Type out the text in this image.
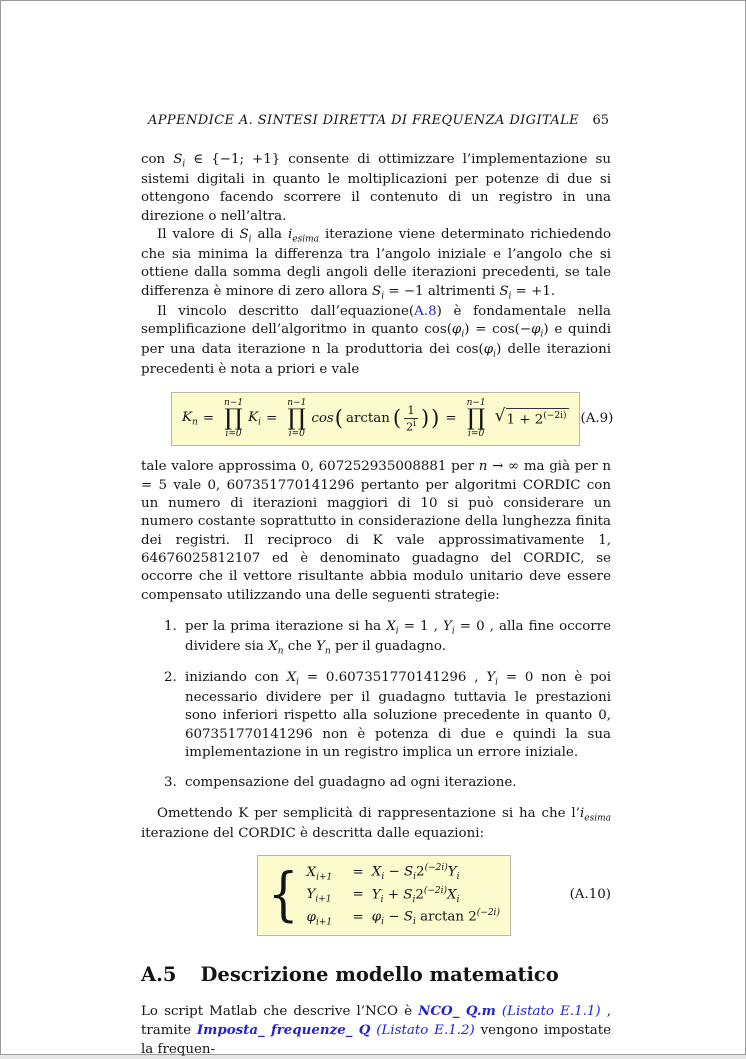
APPENDICE A. SINTESI DIRETTA DI FREQUENZA DIGITALE 65

con $S_i$ ∈ {−1; +1} consente di ottimizzare l’implementazione su sistemi digitali in quanto le moltiplicazioni per potenze di due si ottengono facendo scorrere il contenuto di un registro in una direzione o nell’altra.

Il valore di $S_i$ alla $i_{esima}$ iterazione viene determinato richiedendo che sia minima la differenza tra l’angolo iniziale e l’angolo che si ottiene dalla somma degli angoli delle iterazioni precedenti, se tale differenza è minore di zero allora $S_i = -1$ altrimenti $S_i = +1$.

Il vincolo descritto dall’equazione(A.8) è fondamentale nella semplificazione dell’algoritmo in quanto $\cos(\varphi_i) = \cos(-\varphi_i)$ e quindi per una data iterazione n la produttoria dei $\cos(\varphi_i)$ delle iterazioni precedenti è nota a priori e vale

$K_n$ =
n−1
∏
i=0
$K_i$ =
n−1
∏
i=0
cos ( arctan ( $\frac{1}{2^i}$ ) ) =
n−1
∏
i=0
√ $1 + 2^{(-2i)}$ (A.9)

tale valore approssima 0, 607252935008881 per n → ∞ ma già per n = 5 vale 0, 607351770141296 pertanto per algoritmi CORDIC con un numero di iterazioni maggiori di 10 si può considerare un numero costante soprattutto in considerazione della lunghezza finita dei registri. Il reciproco di K vale approssimativamente 1, 64676025812107 ed è denominato guadagno del CORDIC, se occorre che il vettore risultante abbia modulo unitario deve essere compensato utilizzando una delle seguenti strategie:

1. per la prima iterazione si ha $X_i = 1$ , $Y_i = 0$ , alla fine occorre dividere sia $X_n$ che $Y_n$ per il guadagno.
2. iniziando con $X_i = 0.607351770141296$ , $Y_i = 0$ non è poi necessario dividere per il guadagno tuttavia le prestazioni sono inferiori rispetto alla soluzione precedente in quanto 0, 607351770141296 non è potenza di due e quindi la sua implementazione in un registro implica un errore iniziale.
3. compensazione del guadagno ad ogni iterazione.

Omettendo K per semplicità di rappresentazione si ha che $l’i_{esima}$ iterazione del CORDIC è descritta dalle equazioni:

{ $X_{i+1}$	= $X_i - S_i2^{(-2i)}Y_i$
$Y_{i+1}$	= $Y_i + S_i2^{(-2i)}X_i$
$\varphi_{i+1}$	= $\varphi_i - S_i$ $\arctan 2^{(-2i)}$
(A.10)
A.5 Descrizione modello matematico

Lo script Matlab che descrive l’NCO è NCO_ Q.m (Listato E.1.1) , tramite Imposta_ frequenze_ Q (Listato E.1.2) vengono impostate la frequen-
